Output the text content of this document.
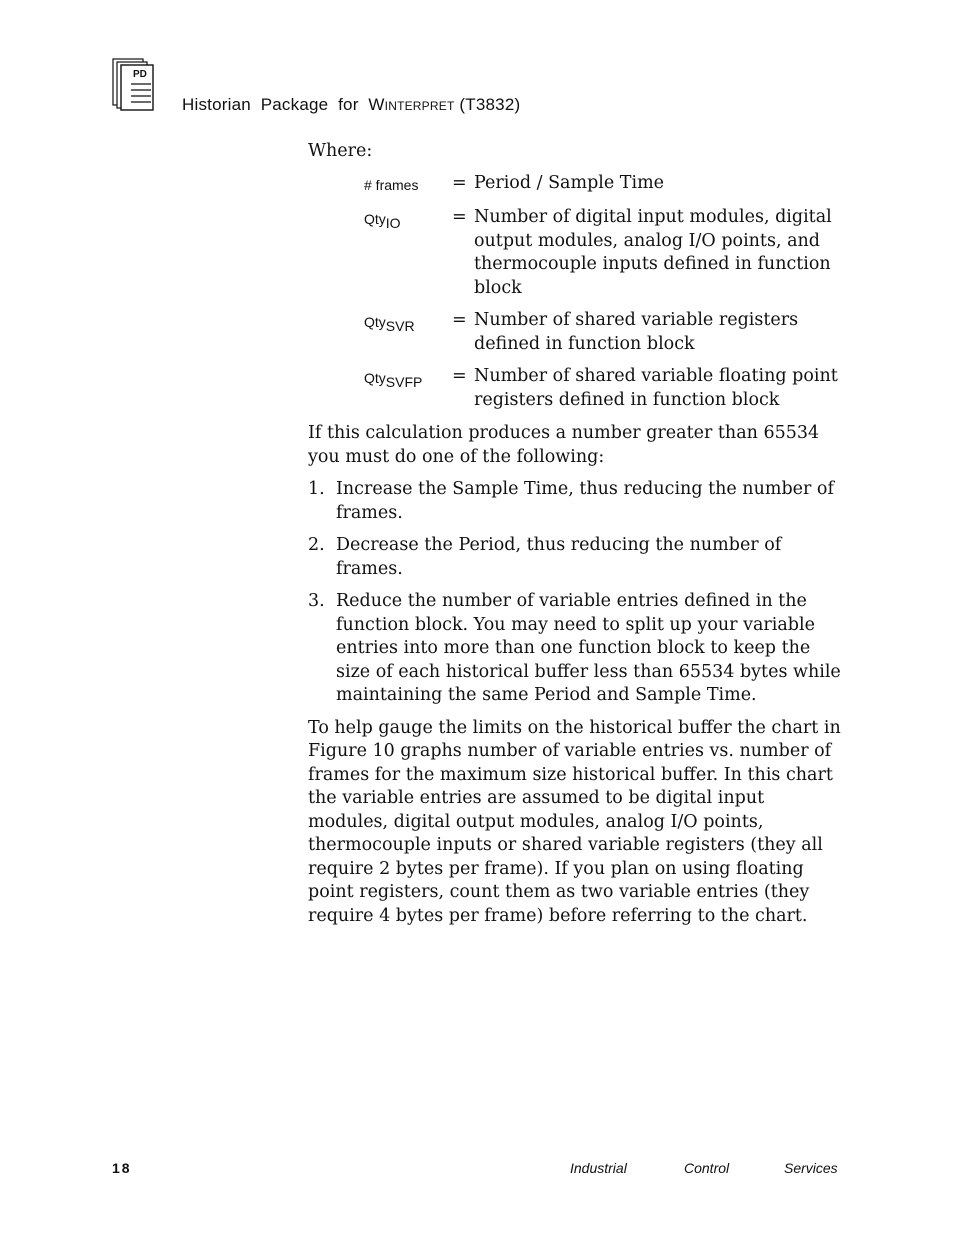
PD
Historian  Package  for  Winterpret (T3832)
Where:
# frames	= Period / Sample Time
QtyIO	= Number of digital input modules, digital output modules, analog I/O points, and thermocouple inputs defined in function block
QtySVR	= Number of shared variable registers defined in function block
QtySVFP	= Number of shared variable floating point registers defined in function block

If this calculation produces a number greater than 65534 you must do one of the following:

1. Increase the Sample Time, thus reducing the number of frames.
2. Decrease the Period, thus reducing the number of frames.
3. Reduce the number of variable entries defined in the function block. You may need to split up your variable entries into more than one function block to keep the size of each historical buffer less than 65534 bytes while maintaining the same Period and Sample Time.

To help gauge the limits on the historical buffer the chart in Figure 10 graphs number of variable entries vs. number of frames for the maximum size historical buffer. In this chart the variable entries are assumed to be digital input modules, digital output modules, analog I/O points, thermocouple inputs or shared variable registers (they all require 2 bytes per frame). If you plan on using floating point registers, count them as two variable entries (they require 4 bytes per frame) before referring to the chart.

18	Industrial	Control	Services
